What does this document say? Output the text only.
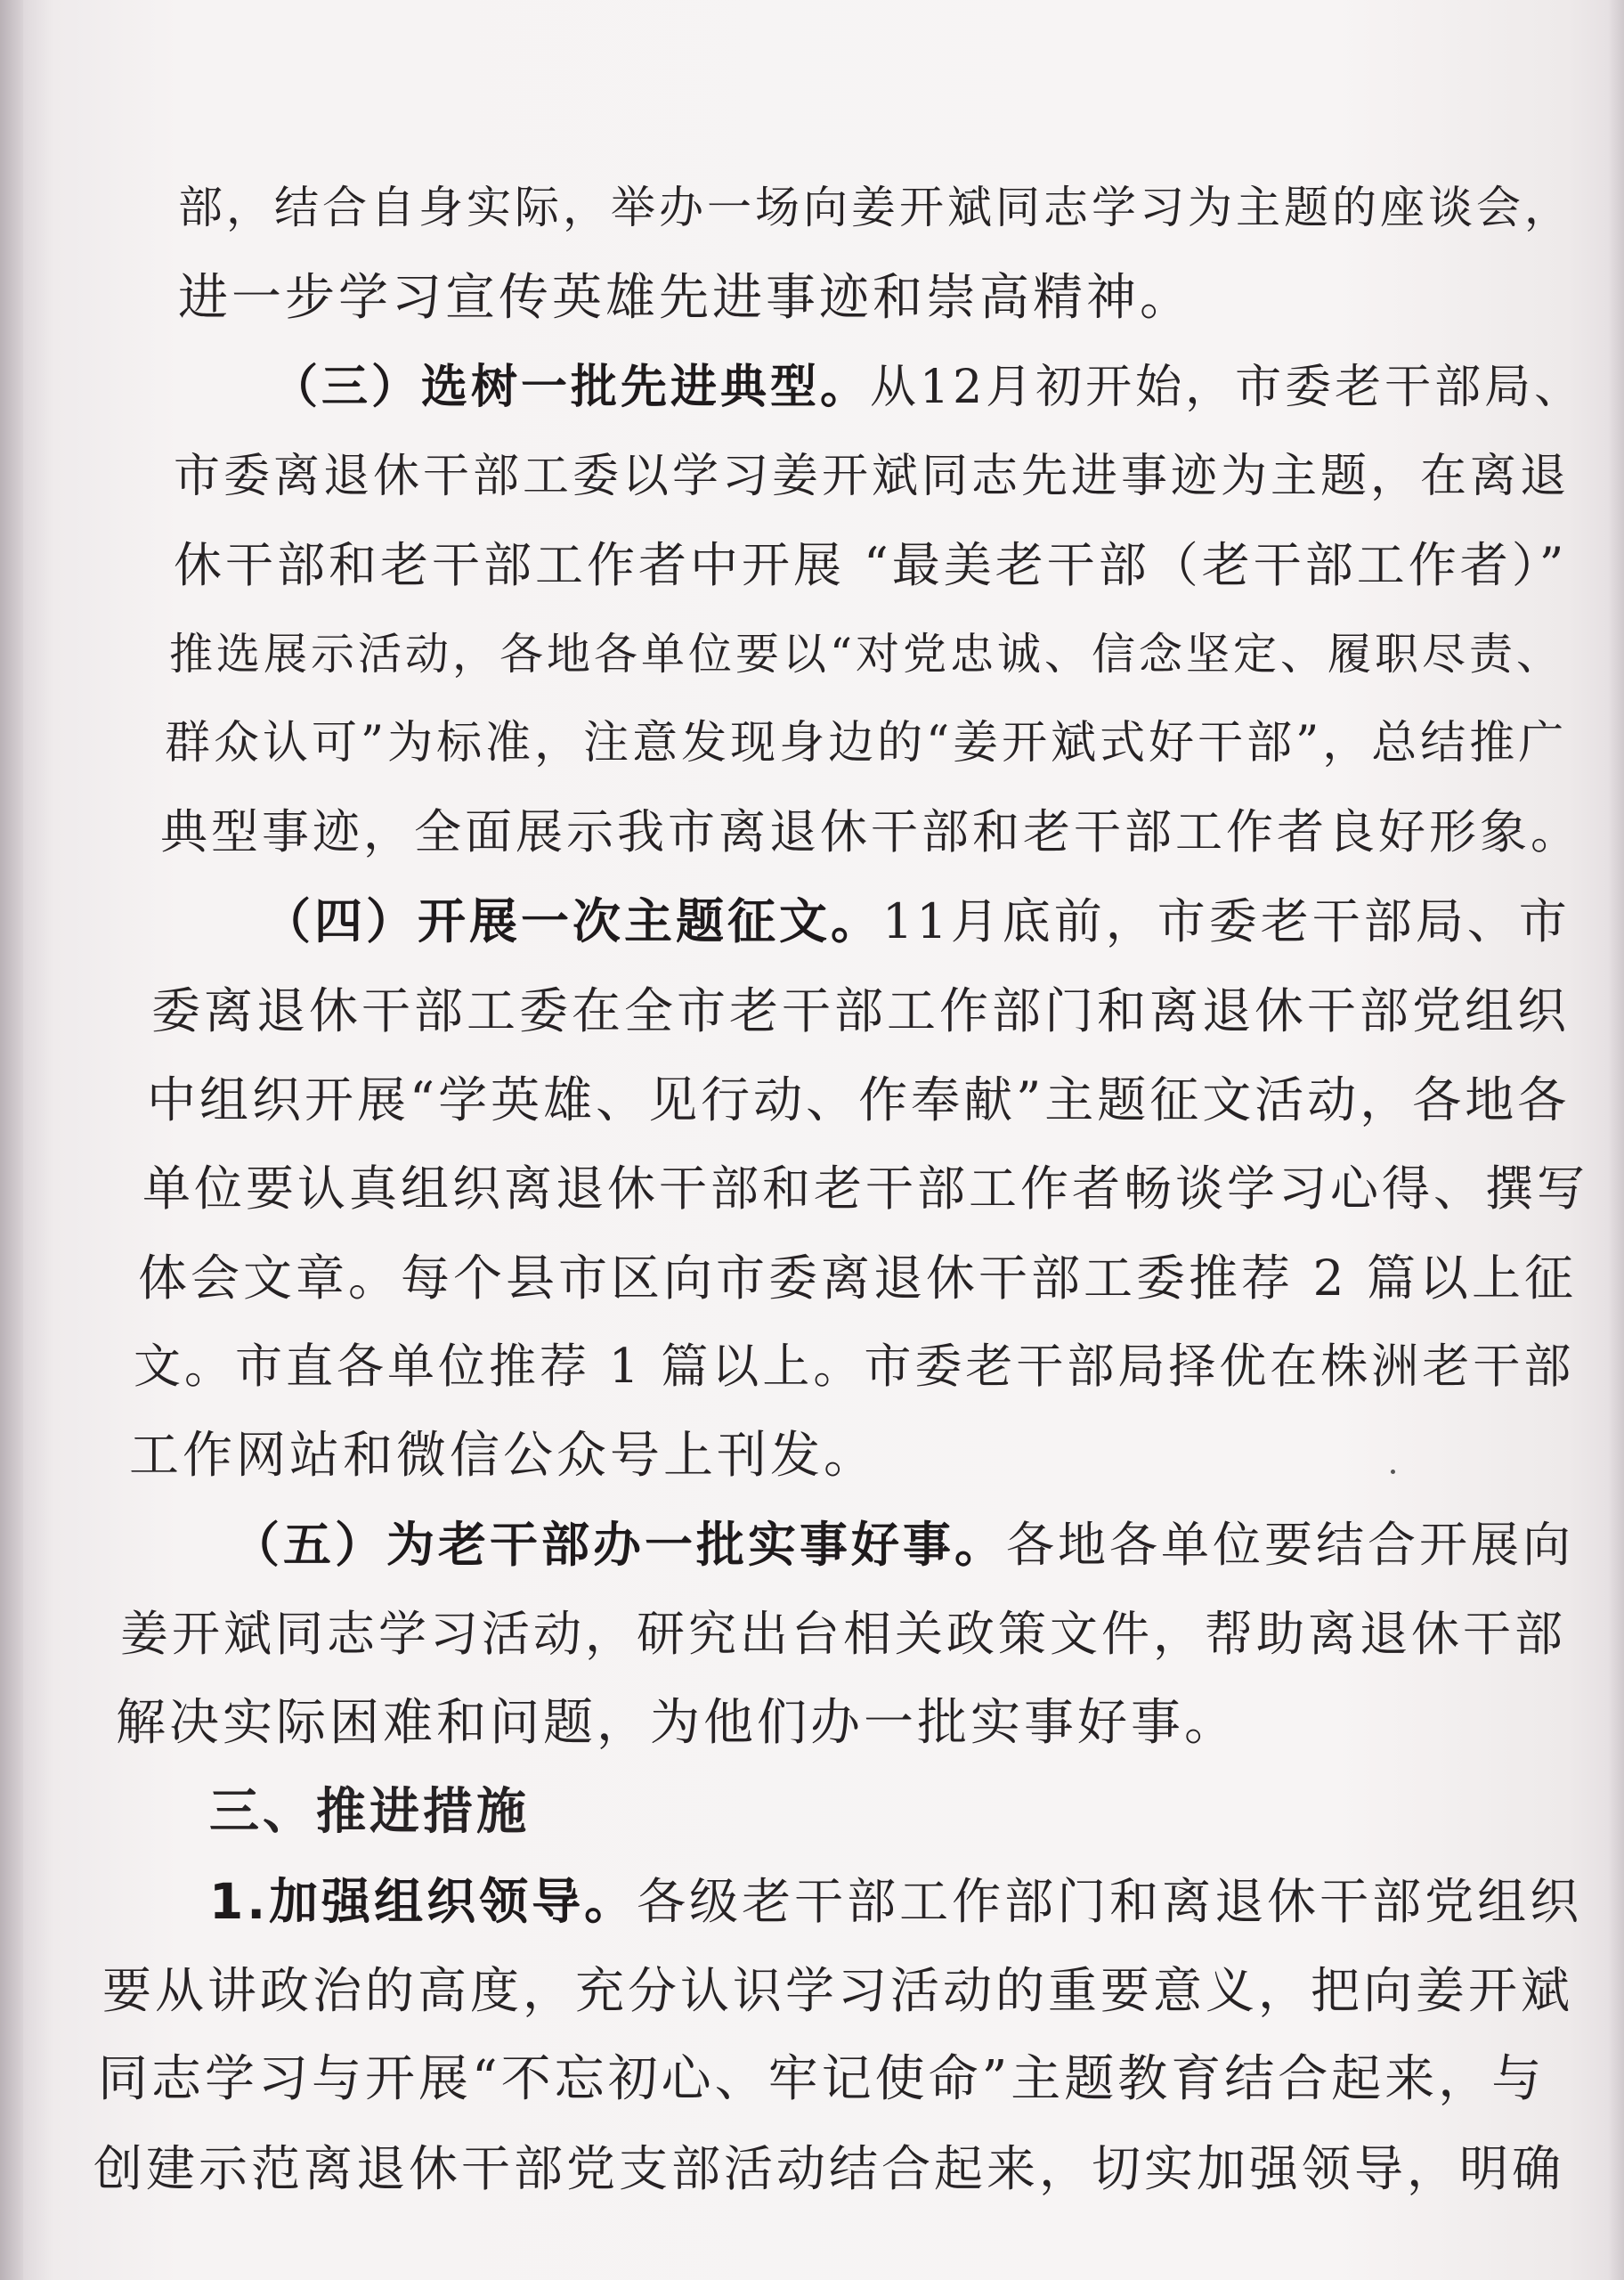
部，结合自身实际，举办一场向姜开斌同志学习为主题的座谈会，

进一步学习宣传英雄先进事迹和崇高精神。

（三）选树一批先进典型。从12月初开始，市委老干部局、

市委离退休干部工委以学习姜开斌同志先进事迹为主题，在离退

休干部和老干部工作者中开展 “最美老干部（老干部工作者）”

推选展示活动，各地各单位要以“对党忠诚、信念坚定、履职尽责、

群众认可”为标准，注意发现身边的“姜开斌式好干部”，总结推广

典型事迹，全面展示我市离退休干部和老干部工作者良好形象。

（四）开展一次主题征文。11月底前，市委老干部局、市

委离退休干部工委在全市老干部工作部门和离退休干部党组织

中组织开展“学英雄、见行动、作奉献”主题征文活动，各地各

单位要认真组织离退休干部和老干部工作者畅谈学习心得、撰写

体会文章。每个县市区向市委离退休干部工委推荐 2 篇以上征

文。市直各单位推荐 1 篇以上。市委老干部局择优在株洲老干部

工作网站和微信公众号上刊发。

（五）为老干部办一批实事好事。各地各单位要结合开展向

姜开斌同志学习活动，研究出台相关政策文件，帮助离退休干部

解决实际困难和问题，为他们办一批实事好事。

三、推进措施

1.加强组织领导。各级老干部工作部门和离退休干部党组织

要从讲政治的高度，充分认识学习活动的重要意义，把向姜开斌

同志学习与开展“不忘初心、牢记使命”主题教育结合起来，与

创建示范离退休干部党支部活动结合起来，切实加强领导，明确
